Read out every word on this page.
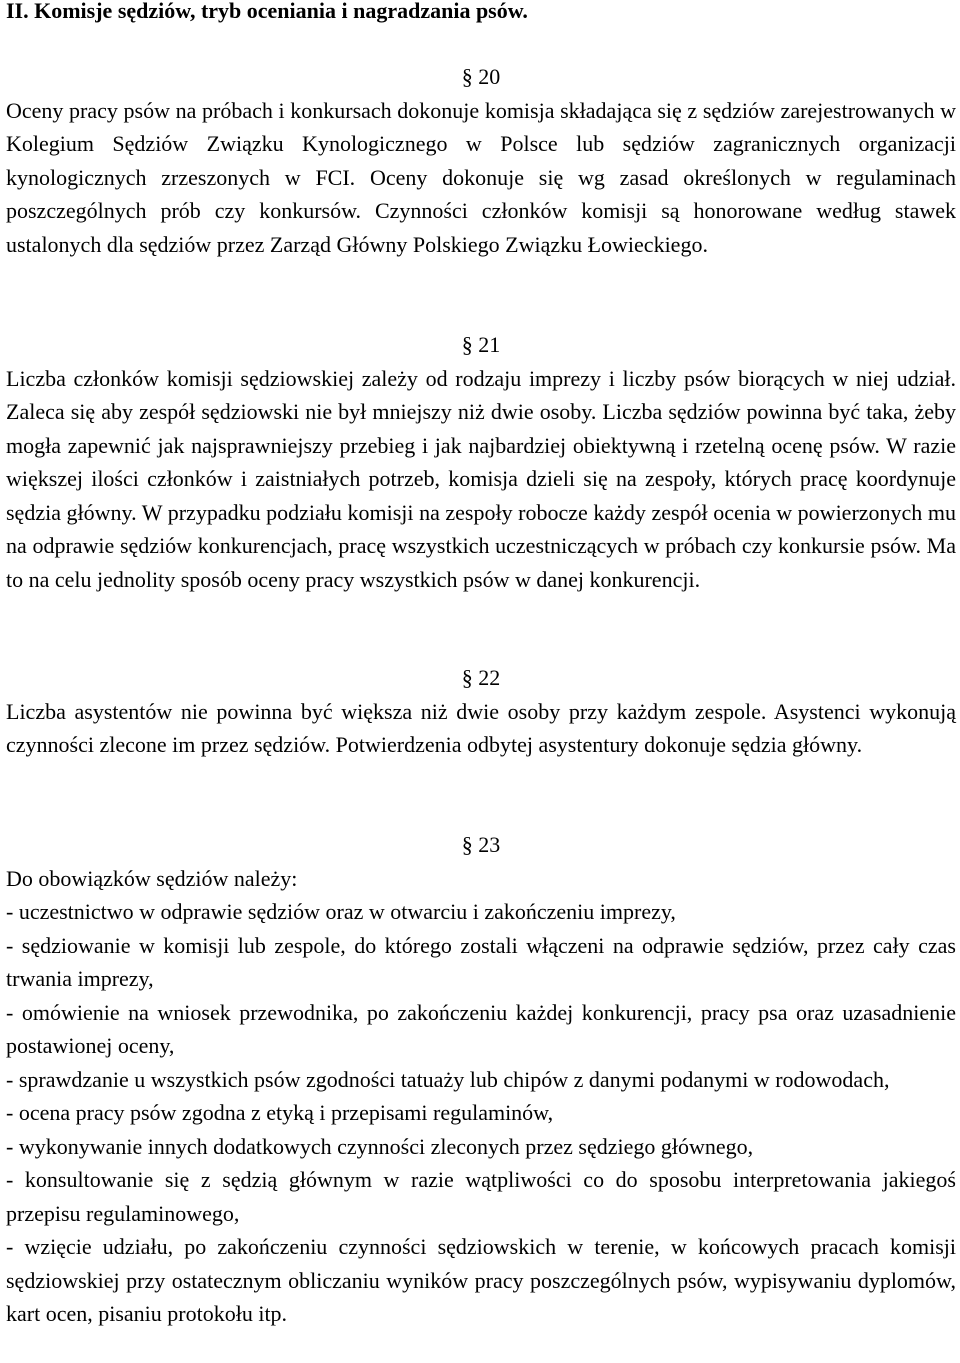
II. Komisje sędziów, tryb oceniania i nagradzania psów.

§ 20

Oceny pracy psów na próbach i konkursach dokonuje komisja składająca się z sędziów zarejestrowanych w Kolegium Sędziów Związku Kynologicznego w Polsce lub sędziów zagranicznych organizacji kynologicznych zrzeszonych w FCI. Oceny dokonuje się wg zasad określonych w regulaminach poszczególnych prób czy konkursów. Czynności członków komisji są honorowane według stawek ustalonych dla sędziów przez Zarząd Główny Polskiego Związku Łowieckiego.

§ 21

Liczba członków komisji sędziowskiej zależy od rodzaju imprezy i liczby psów biorących w niej udział. Zaleca się aby zespół sędziowski nie był mniejszy niż dwie osoby. Liczba sędziów powinna być taka, żeby mogła zapewnić jak najsprawniejszy przebieg i jak najbardziej obiektywną i rzetelną ocenę psów. W razie większej ilości członków i zaistniałych potrzeb, komisja dzieli się na zespoły, których pracę koordynuje sędzia główny. W przypadku podziału komisji na zespoły robocze każdy zespół ocenia w powierzonych mu na odprawie sędziów konkurencjach, pracę wszystkich uczestniczących w próbach czy konkursie psów. Ma to na celu jednolity sposób oceny pracy wszystkich psów w danej konkurencji.

§ 22

Liczba asystentów nie powinna być większa niż dwie osoby przy każdym zespole. Asystenci wykonują czynności zlecone im przez sędziów. Potwierdzenia odbytej asystentury dokonuje sędzia główny.

§ 23

Do obowiązków sędziów należy:

- uczestnictwo w odprawie sędziów oraz w otwarciu i zakończeniu imprezy,

- sędziowanie w komisji lub zespole, do którego zostali włączeni na odprawie sędziów, przez cały czas trwania imprezy,

- omówienie na wniosek przewodnika, po zakończeniu każdej konkurencji, pracy psa oraz uzasadnienie postawionej oceny,

- sprawdzanie u wszystkich psów zgodności tatuaży lub chipów z danymi podanymi w rodowodach,

- ocena pracy psów zgodna z etyką i przepisami regulaminów,

- wykonywanie innych dodatkowych czynności zleconych przez sędziego głównego,

- konsultowanie się z sędzią głównym w razie wątpliwości co do sposobu interpretowania jakiegoś przepisu regulaminowego,

- wzięcie udziału, po zakończeniu czynności sędziowskich w terenie, w końcowych pracach komisji sędziowskiej przy ostatecznym obliczaniu wyników pracy poszczególnych psów, wypisywaniu dyplomów, kart ocen, pisaniu protokołu itp.
